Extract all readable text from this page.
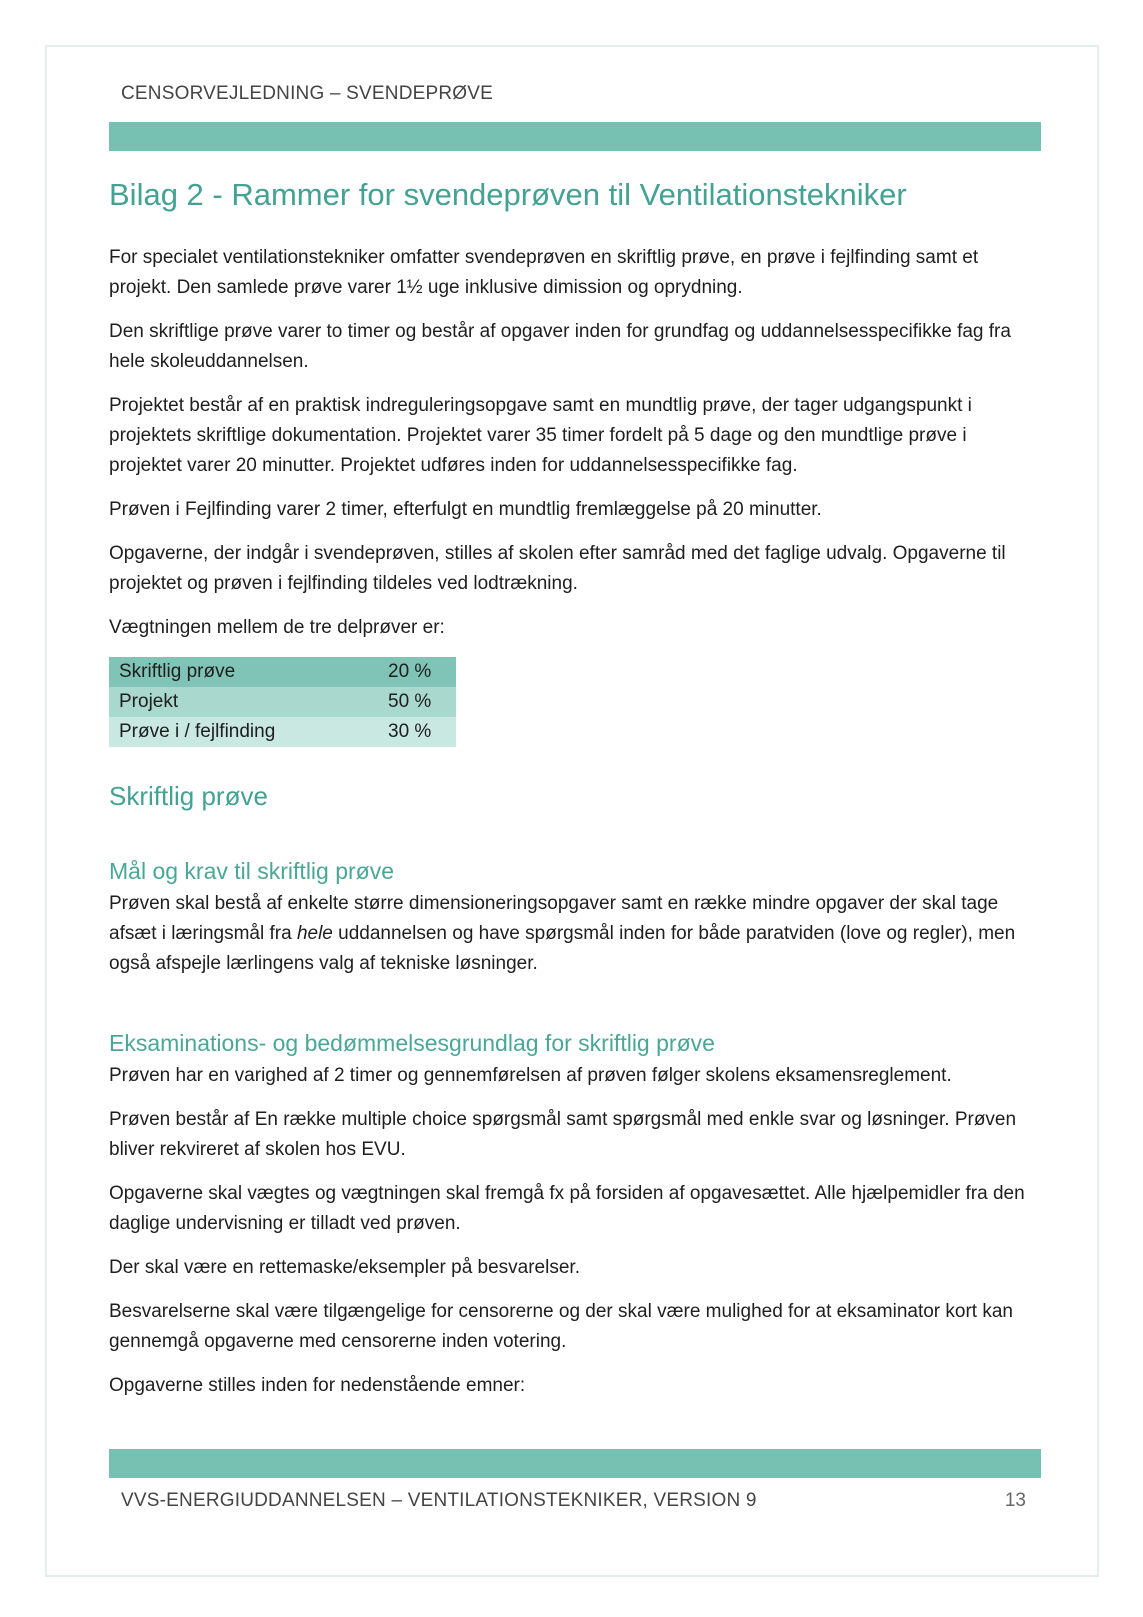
CENSORVEJLEDNING – SVENDEPRØVE
Bilag 2 - Rammer for svendeprøven til Ventilationstekniker

For specialet ventilationstekniker omfatter svendeprøven en skriftlig prøve, en prøve i fejlfinding samt et projekt. Den samlede prøve varer 1½ uge inklusive dimission og oprydning.

Den skriftlige prøve varer to timer og består af opgaver inden for grundfag og uddannelsesspecifikke fag fra hele skoleuddannelsen.

Projektet består af en praktisk indreguleringsopgave samt en mundtlig prøve, der tager udgangspunkt i projektets skriftlige dokumentation. Projektet varer 35 timer fordelt på 5 dage og den mundtlige prøve i projektet varer 20 minutter. Projektet udføres inden for uddannelsesspecifikke fag.

Prøven i Fejlfinding varer 2 timer, efterfulgt en mundtlig fremlæggelse på 20 minutter.

Opgaverne, der indgår i svendeprøven, stilles af skolen efter samråd med det faglige udvalg. Opgaverne til projektet og prøven i fejlfinding tildeles ved lodtrækning.

Vægtningen mellem de tre delprøver er:

Skriftlig prøve	20 %
Projekt	50 %
Prøve i / fejlfinding	30 %
Skriftlig prøve
Mål og krav til skriftlig prøve

Prøven skal bestå af enkelte større dimensioneringsopgaver samt en række mindre opgaver der skal tage afsæt i læringsmål fra hele uddannelsen og have spørgsmål inden for både paratviden (love og regler), men også afspejle lærlingens valg af tekniske løsninger.

Eksaminations- og bedømmelsesgrundlag for skriftlig prøve

Prøven har en varighed af 2 timer og gennemførelsen af prøven følger skolens eksamensreglement.

Prøven består af En række multiple choice spørgsmål samt spørgsmål med enkle svar og løsninger. Prøven bliver rekvireret af skolen hos EVU.

Opgaverne skal vægtes og vægtningen skal fremgå fx på forsiden af opgavesættet. Alle hjælpemidler fra den daglige undervisning er tilladt ved prøven.

Der skal være en rettemaske/eksempler på besvarelser.

Besvarelserne skal være tilgængelige for censorerne og der skal være mulighed for at eksaminator kort kan gennemgå opgaverne med censorerne inden votering.

Opgaverne stilles inden for nedenstående emner:

VVS-ENERGIUDDANNELSEN – VENTILATIONSTEKNIKER, VERSION 9	13
